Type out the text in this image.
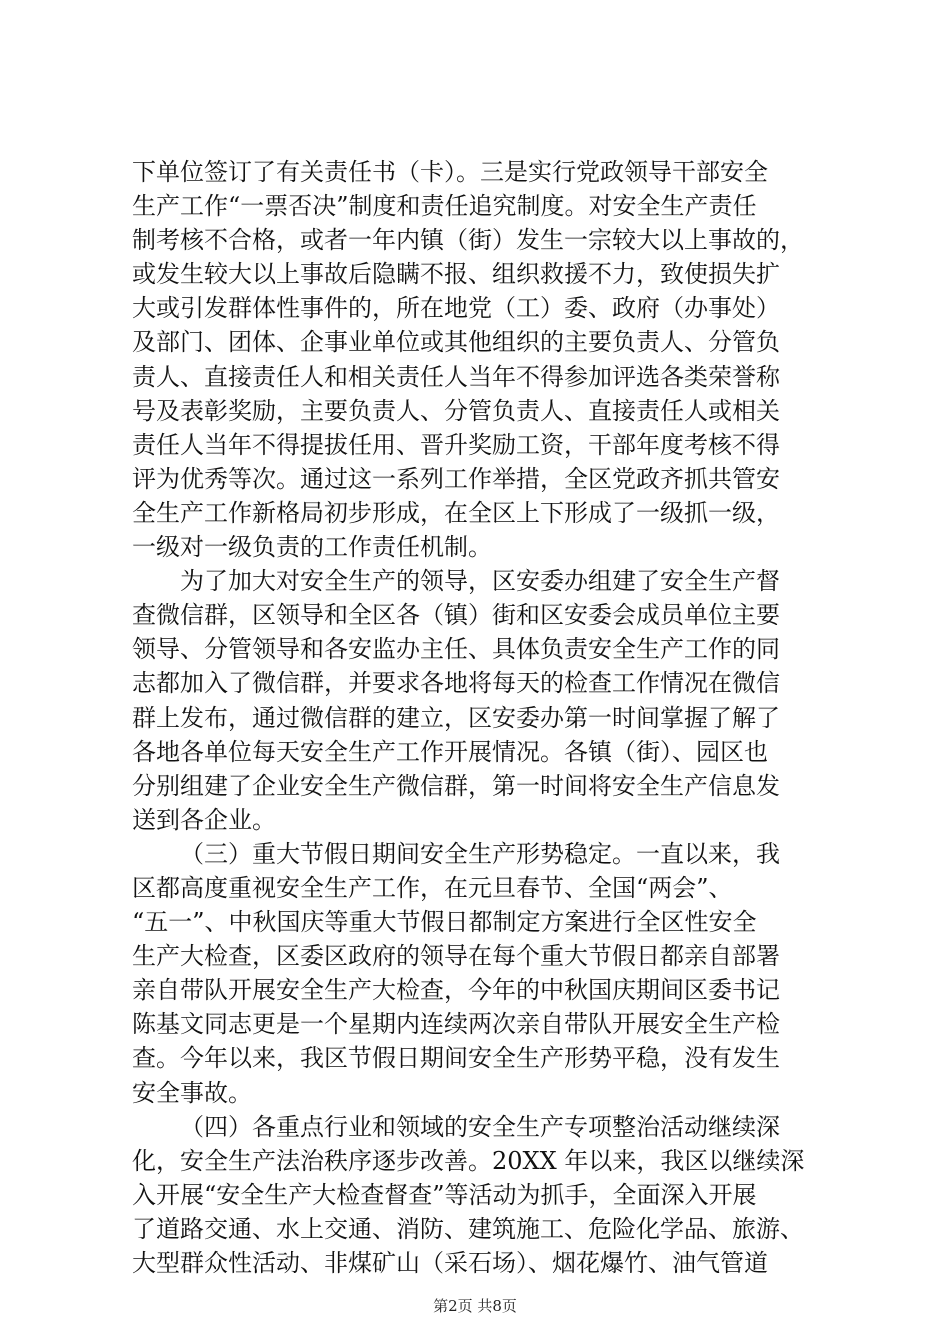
下单位签订了有关责任书（卡）。三是实行党政领导干部安全
生产工作“一票否决”制度和责任追究制度。对安全生产责任
制考核不合格，或者一年内镇（街）发生一宗较大以上事故的，
或发生较大以上事故后隐瞒不报、组织救援不力，致使损失扩
大或引发群体性事件的，所在地党（工）委、政府（办事处）
及部门、团体、企事业单位或其他组织的主要负责人、分管负
责人、直接责任人和相关责任人当年不得参加评选各类荣誉称
号及表彰奖励，主要负责人、分管负责人、直接责任人或相关
责任人当年不得提拔任用、晋升奖励工资，干部年度考核不得
评为优秀等次。通过这一系列工作举措，全区党政齐抓共管安
全生产工作新格局初步形成，在全区上下形成了一级抓一级，
一级对一级负责的工作责任机制。
为了加大对安全生产的领导，区安委办组建了安全生产督
查微信群，区领导和全区各（镇）街和区安委会成员单位主要
领导、分管领导和各安监办主任、具体负责安全生产工作的同
志都加入了微信群，并要求各地将每天的检查工作情况在微信
群上发布，通过微信群的建立，区安委办第一时间掌握了解了
各地各单位每天安全生产工作开展情况。各镇（街）、园区也
分别组建了企业安全生产微信群，第一时间将安全生产信息发
送到各企业。
（三）重大节假日期间安全生产形势稳定。一直以来，我
区都高度重视安全生产工作，在元旦春节、全国“两会”、
“五一”、中秋国庆等重大节假日都制定方案进行全区性安全
生产大检查，区委区政府的领导在每个重大节假日都亲自部署
亲自带队开展安全生产大检查，今年的中秋国庆期间区委书记
陈基文同志更是一个星期内连续两次亲自带队开展安全生产检
查。今年以来，我区节假日期间安全生产形势平稳，没有发生
安全事故。
（四）各重点行业和领域的安全生产专项整治活动继续深
化，安全生产法治秩序逐步改善。20XX 年以来，我区以继续深
入开展“安全生产大检查督查”等活动为抓手，全面深入开展
了道路交通、水上交通、消防、建筑施工、危险化学品、旅游、
大型群众性活动、非煤矿山（采石场）、烟花爆竹、油气管道
第2页 共8页
